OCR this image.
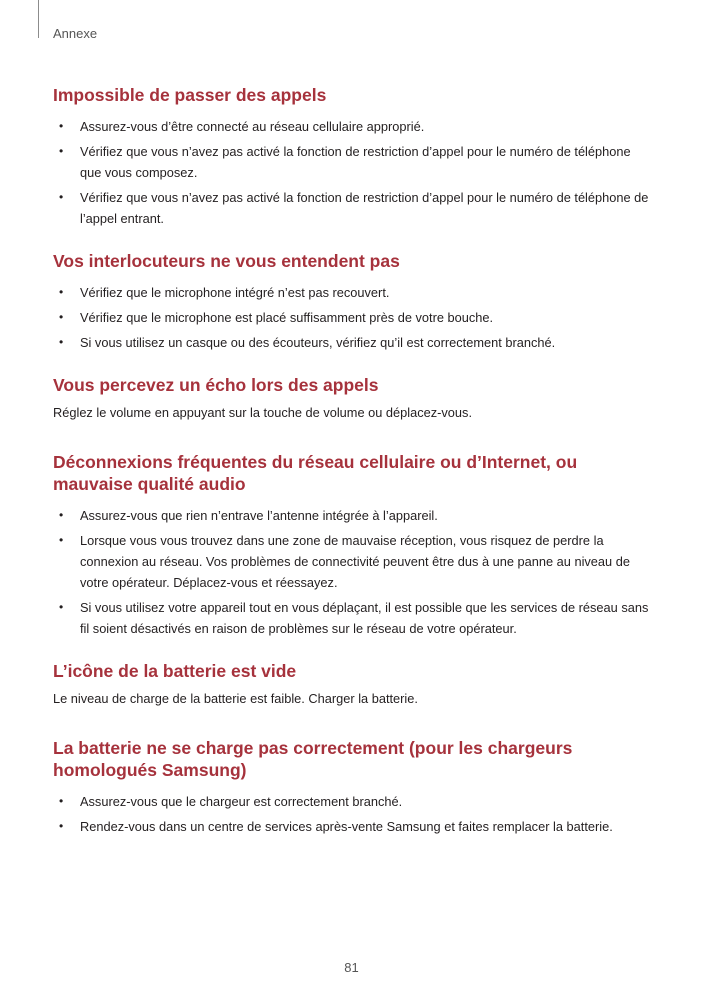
Annexe
Impossible de passer des appels
• Assurez-vous d’être connecté au réseau cellulaire approprié.
• Vérifiez que vous n’avez pas activé la fonction de restriction d’appel pour le numéro de téléphone que vous composez.
• Vérifiez que vous n’avez pas activé la fonction de restriction d’appel pour le numéro de téléphone de l’appel entrant.
Vos interlocuteurs ne vous entendent pas
• Vérifiez que le microphone intégré n’est pas recouvert.
• Vérifiez que le microphone est placé suffisamment près de votre bouche.
• Si vous utilisez un casque ou des écouteurs, vérifiez qu’il est correctement branché.
Vous percevez un écho lors des appels

Réglez le volume en appuyant sur la touche de volume ou déplacez-vous.

Déconnexions fréquentes du réseau cellulaire ou d’Internet, ou mauvaise qualité audio
• Assurez-vous que rien n’entrave l’antenne intégrée à l’appareil.
• Lorsque vous vous trouvez dans une zone de mauvaise réception, vous risquez de perdre la connexion au réseau. Vos problèmes de connectivité peuvent être dus à une panne au niveau de votre opérateur. Déplacez-vous et réessayez.
• Si vous utilisez votre appareil tout en vous déplaçant, il est possible que les services de réseau sans fil soient désactivés en raison de problèmes sur le réseau de votre opérateur.
L’icône de la batterie est vide

Le niveau de charge de la batterie est faible. Charger la batterie.

La batterie ne se charge pas correctement (pour les chargeurs homologués Samsung)
• Assurez-vous que le chargeur est correctement branché.
• Rendez-vous dans un centre de services après-vente Samsung et faites remplacer la batterie.
81
